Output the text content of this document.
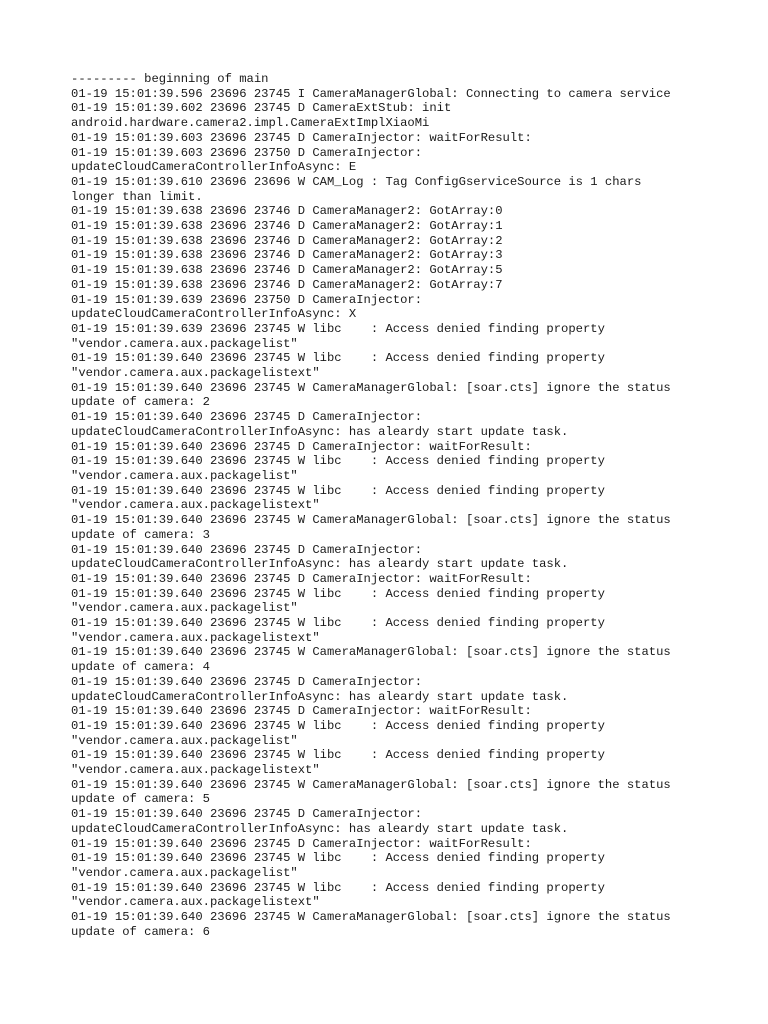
--------- beginning of main
01-19 15:01:39.596 23696 23745 I CameraManagerGlobal: Connecting to camera service
01-19 15:01:39.602 23696 23745 D CameraExtStub: init
android.hardware.camera2.impl.CameraExtImplXiaoMi
01-19 15:01:39.603 23696 23745 D CameraInjector: waitForResult:
01-19 15:01:39.603 23696 23750 D CameraInjector:
updateCloudCameraControllerInfoAsync: E
01-19 15:01:39.610 23696 23696 W CAM_Log : Tag ConfigGserviceSource is 1 chars
longer than limit.
01-19 15:01:39.638 23696 23746 D CameraManager2: GotArray:0
01-19 15:01:39.638 23696 23746 D CameraManager2: GotArray:1
01-19 15:01:39.638 23696 23746 D CameraManager2: GotArray:2
01-19 15:01:39.638 23696 23746 D CameraManager2: GotArray:3
01-19 15:01:39.638 23696 23746 D CameraManager2: GotArray:5
01-19 15:01:39.638 23696 23746 D CameraManager2: GotArray:7
01-19 15:01:39.639 23696 23750 D CameraInjector:
updateCloudCameraControllerInfoAsync: X
01-19 15:01:39.639 23696 23745 W libc    : Access denied finding property
"vendor.camera.aux.packagelist"
01-19 15:01:39.640 23696 23745 W libc    : Access denied finding property
"vendor.camera.aux.packagelistext"
01-19 15:01:39.640 23696 23745 W CameraManagerGlobal: [soar.cts] ignore the status
update of camera: 2
01-19 15:01:39.640 23696 23745 D CameraInjector:
updateCloudCameraControllerInfoAsync: has aleardy start update task.
01-19 15:01:39.640 23696 23745 D CameraInjector: waitForResult:
01-19 15:01:39.640 23696 23745 W libc    : Access denied finding property
"vendor.camera.aux.packagelist"
01-19 15:01:39.640 23696 23745 W libc    : Access denied finding property
"vendor.camera.aux.packagelistext"
01-19 15:01:39.640 23696 23745 W CameraManagerGlobal: [soar.cts] ignore the status
update of camera: 3
01-19 15:01:39.640 23696 23745 D CameraInjector:
updateCloudCameraControllerInfoAsync: has aleardy start update task.
01-19 15:01:39.640 23696 23745 D CameraInjector: waitForResult:
01-19 15:01:39.640 23696 23745 W libc    : Access denied finding property
"vendor.camera.aux.packagelist"
01-19 15:01:39.640 23696 23745 W libc    : Access denied finding property
"vendor.camera.aux.packagelistext"
01-19 15:01:39.640 23696 23745 W CameraManagerGlobal: [soar.cts] ignore the status
update of camera: 4
01-19 15:01:39.640 23696 23745 D CameraInjector:
updateCloudCameraControllerInfoAsync: has aleardy start update task.
01-19 15:01:39.640 23696 23745 D CameraInjector: waitForResult:
01-19 15:01:39.640 23696 23745 W libc    : Access denied finding property
"vendor.camera.aux.packagelist"
01-19 15:01:39.640 23696 23745 W libc    : Access denied finding property
"vendor.camera.aux.packagelistext"
01-19 15:01:39.640 23696 23745 W CameraManagerGlobal: [soar.cts] ignore the status
update of camera: 5
01-19 15:01:39.640 23696 23745 D CameraInjector:
updateCloudCameraControllerInfoAsync: has aleardy start update task.
01-19 15:01:39.640 23696 23745 D CameraInjector: waitForResult:
01-19 15:01:39.640 23696 23745 W libc    : Access denied finding property
"vendor.camera.aux.packagelist"
01-19 15:01:39.640 23696 23745 W libc    : Access denied finding property
"vendor.camera.aux.packagelistext"
01-19 15:01:39.640 23696 23745 W CameraManagerGlobal: [soar.cts] ignore the status
update of camera: 6
